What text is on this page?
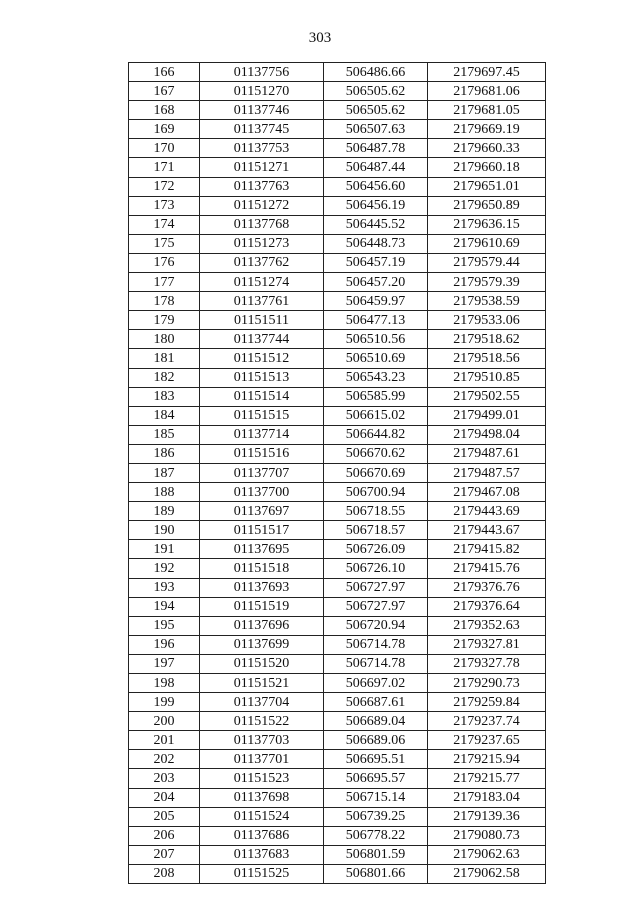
303
166	01137756	506486.66	2179697.45
167	01151270	506505.62	2179681.06
168	01137746	506505.62	2179681.05
169	01137745	506507.63	2179669.19
170	01137753	506487.78	2179660.33
171	01151271	506487.44	2179660.18
172	01137763	506456.60	2179651.01
173	01151272	506456.19	2179650.89
174	01137768	506445.52	2179636.15
175	01151273	506448.73	2179610.69
176	01137762	506457.19	2179579.44
177	01151274	506457.20	2179579.39
178	01137761	506459.97	2179538.59
179	01151511	506477.13	2179533.06
180	01137744	506510.56	2179518.62
181	01151512	506510.69	2179518.56
182	01151513	506543.23	2179510.85
183	01151514	506585.99	2179502.55
184	01151515	506615.02	2179499.01
185	01137714	506644.82	2179498.04
186	01151516	506670.62	2179487.61
187	01137707	506670.69	2179487.57
188	01137700	506700.94	2179467.08
189	01137697	506718.55	2179443.69
190	01151517	506718.57	2179443.67
191	01137695	506726.09	2179415.82
192	01151518	506726.10	2179415.76
193	01137693	506727.97	2179376.76
194	01151519	506727.97	2179376.64
195	01137696	506720.94	2179352.63
196	01137699	506714.78	2179327.81
197	01151520	506714.78	2179327.78
198	01151521	506697.02	2179290.73
199	01137704	506687.61	2179259.84
200	01151522	506689.04	2179237.74
201	01137703	506689.06	2179237.65
202	01137701	506695.51	2179215.94
203	01151523	506695.57	2179215.77
204	01137698	506715.14	2179183.04
205	01151524	506739.25	2179139.36
206	01137686	506778.22	2179080.73
207	01137683	506801.59	2179062.63
208	01151525	506801.66	2179062.58
